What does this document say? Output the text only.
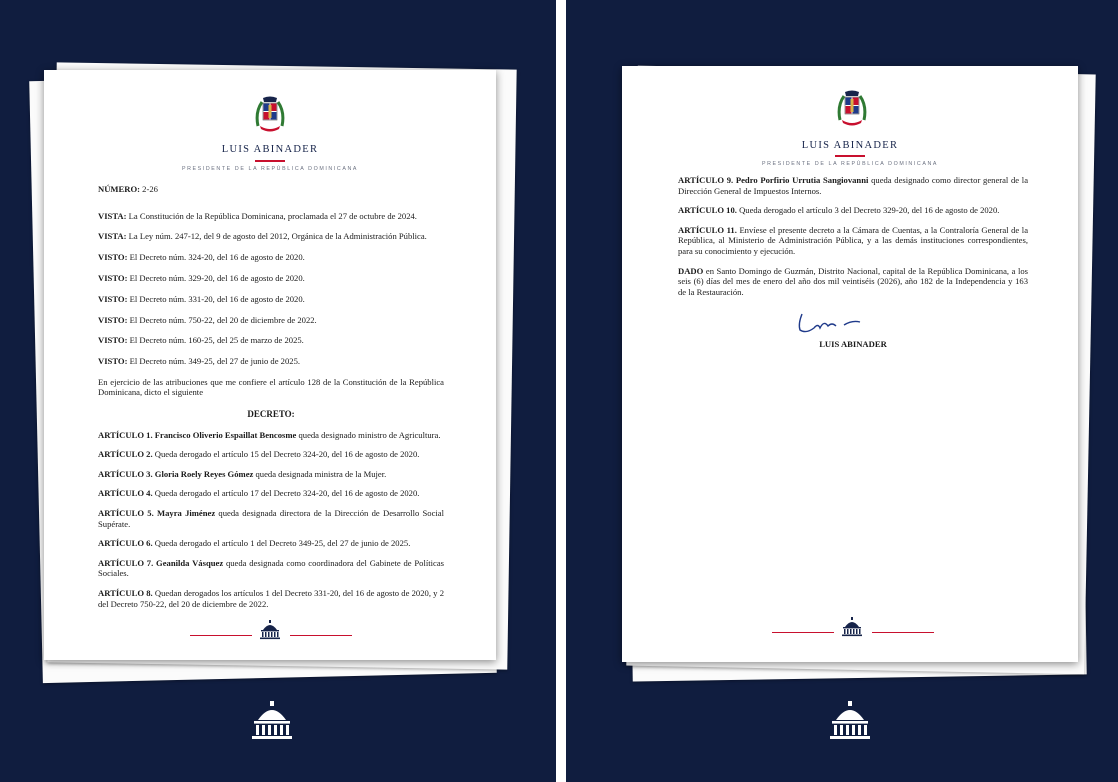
LUIS ABINADER
PRESIDENTE DE LA REPÚBLICA DOMINICANA
NÚMERO: 2-26
VISTA: La Constitución de la República Dominicana, proclamada el 27 de octubre de 2024.
VISTA: La Ley núm. 247-12, del 9 de agosto del 2012, Orgánica de la Administración Pública.
VISTO: El Decreto núm. 324-20, del 16 de agosto de 2020.
VISTO: El Decreto núm. 329-20, del 16 de agosto de 2020.
VISTO: El Decreto núm. 331-20, del 16 de agosto de 2020.
VISTO: El Decreto núm. 750-22, del 20 de diciembre de 2022.
VISTO: El Decreto núm. 160-25, del 25 de marzo de 2025.
VISTO: El Decreto núm. 349-25, del 27 de junio de 2025.
En ejercicio de las atribuciones que me confiere el artículo 128 de la Constitución de la República Dominicana, dicto el siguiente
DECRETO:
ARTÍCULO 1. Francisco Oliverio Espaillat Bencosme queda designado ministro de Agricultura.
ARTÍCULO 2. Queda derogado el artículo 15 del Decreto 324-20, del 16 de agosto de 2020.
ARTÍCULO 3. Gloria Roely Reyes Gómez queda designada ministra de la Mujer.
ARTÍCULO 4. Queda derogado el artículo 17 del Decreto 324-20, del 16 de agosto de 2020.
ARTÍCULO 5. Mayra Jiménez queda designada directora de la Dirección de Desarrollo Social Supérate.
ARTÍCULO 6. Queda derogado el artículo 1 del Decreto 349-25, del 27 de junio de 2025.
ARTÍCULO 7. Geanilda Vásquez queda designada como coordinadora del Gabinete de Políticas Sociales.
ARTÍCULO 8. Quedan derogados los artículos 1 del Decreto 331-20, del 16 de agosto de 2020, y 2 del Decreto 750-22, del 20 de diciembre de 2022.
LUIS ABINADER
PRESIDENTE DE LA REPÚBLICA DOMINICANA
ARTÍCULO 9. Pedro Porfirio Urrutia Sangiovanni queda designado como director general de la Dirección General de Impuestos Internos.
ARTÍCULO 10. Queda derogado el artículo 3 del Decreto 329-20, del 16 de agosto de 2020.
ARTÍCULO 11. Envíese el presente decreto a la Cámara de Cuentas, a la Contraloría General de la República, al Ministerio de Administración Pública, y a las demás instituciones correspondientes, para su conocimiento y ejecución.
DADO en Santo Domingo de Guzmán, Distrito Nacional, capital de la República Dominicana, a los seis (6) días del mes de enero del año dos mil veintiséis (2026), año 182 de la Independencia y 163 de la Restauración.
LUIS ABINADER
